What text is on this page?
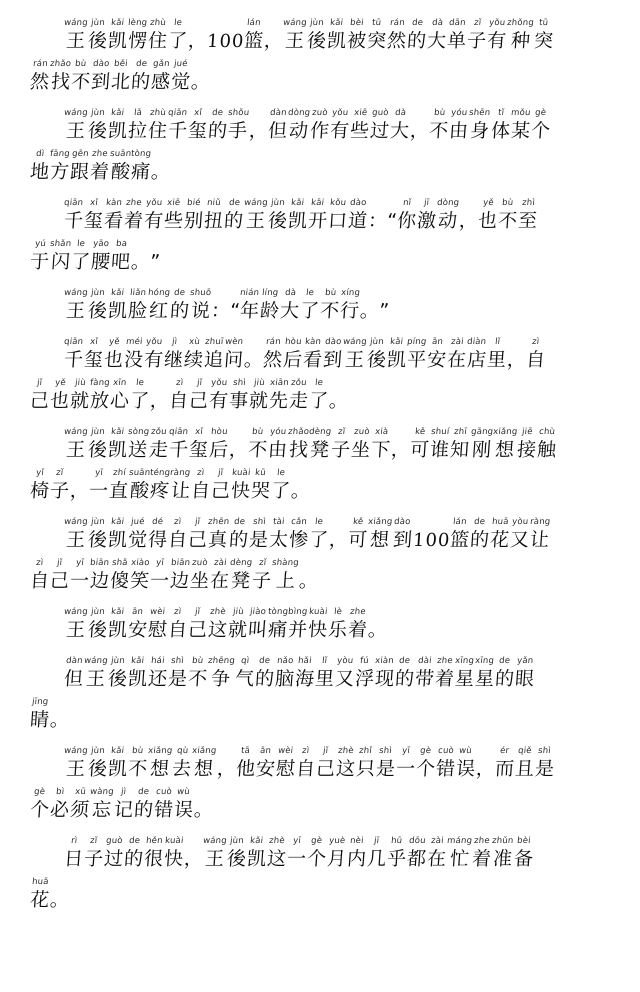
wáng
王
jùn
後
kǎi
凯
lèng
愣
zhù
住
le
了
，
100
lán
篮
，
wáng
王
jùn
後
kǎi
凯
bèi
被
tū
突
rán
然
de
的
dà
大
dān
单
zǐ
子
yǒu
有
zhǒng
种
tū
突
rán
然
zhǎo
找
bù
不
dào
到
běi
北
de
的
gǎn
感
jué
觉
。
wáng
王
jùn
後
kǎi
凯
lā
拉
zhù
住
qiān
千
xǐ
玺
de
的
shǒu
手 ，
dàn
但
dòng
动
zuò
作
yǒu
有
xiē
些
guò
过
dà
大
，
bù
不
yóu
由
shēn
身
tǐ
体
mǒu
某
gè
个
dì
地
fāng
方
gēn
跟
zhe
着
suān
酸
tòng
痛
。
qiān
千
xǐ
玺
kàn
看
zhe
着
yǒu
有
xiē
些
bié
别
niǔ
扭
de
的
wáng
王
jùn
後
kǎi
凯
kāi
开
kǒu
口
dào
道
：
“
nǐ
你
jī
激
dòng
动 ，
yě
也
bù
不
zhì
至
yú
于
shǎn
闪
le
了
yāo
腰
ba
吧
。
”
wáng
王
jùn
後
kǎi
凯
liǎn
脸
hóng
红
de
的
shuō
说 ：
“
nián
年
líng
龄
dà
大
le
了
bù
不
xíng
行
。
”
qiān
千
xǐ
玺
yě
也
méi
没
yǒu
有
jì
继
xù
续
zhuī
追
wèn
问
。
rán
然
hòu
后
kàn
看
dào
到
wáng
王
jùn
後
kǎi
凯
píng
平
ān
安
zài
在
diàn
店
lǐ
里
，
zì
自
jǐ
己
yě
也
jiù
就
fàng
放
xīn
心
le
了
，
zì
自
jǐ
己
yǒu
有
shì
事
jiù
就
xiān
先
zǒu
走
le
了
。
wáng
王
jùn
後
kǎi
凯
sòng
送
zǒu
走
qiān
千
xǐ
玺
hòu
后
，
bù
不
yóu
由
zhǎo
找
dèng
凳
zǐ
子
zuò
坐
xià
下
，
kě
可
shuí
谁
zhī
知
gāng
刚
xiǎng
想
jiē
接
chù
触
yǐ
椅
zǐ
子
，
yī
一
zhí
直
suān
酸
téng
疼
ràng
让
zì
自
jǐ
己
kuài
快
kū
哭
le
了
。
wáng
王
jùn
後
kǎi
凯
jué
觉
dé
得
zì
自
jǐ
己
zhēn
真
de
的
shì
是
tài
太
cǎn
惨
le
了
，
kě
可
xiǎng
想
dào
到
100
lán
篮
de
的
huā
花
yòu
又
ràng
让
zì
自
jǐ
己
yī
一
biān
边
shǎ
傻
xiào
笑
yī
一
biān
边
zuò
坐
zài
在
dèng
凳
zǐ
子
shàng
上 。
wáng
王
jùn
後
kǎi
凯
ān
安
wèi
慰
zì
自
jǐ
己
zhè
这
jiù
就
jiào
叫
tòng
痛
bìng
并
kuài
快
lè
乐
zhe
着
。
dàn
但
wáng
王
jùn
後
kǎi
凯
hái
还
shì
是
bù
不
zhēng
争
qì
气
de
的
nǎo
脑
hǎi
海
lǐ
里
yòu
又
fú
浮
xiàn
现
de
的
dài
带
zhe
着
xīng
星
xīng
星
de
的
yǎn
眼
jīng
睛
。
wáng
王
jùn
後
kǎi
凯
bù
不
xiǎng
想
qù
去
xiǎng
想 ，
tā
他
ān
安
wèi
慰
zì
自
jǐ
己
zhè
这
zhǐ
只
shì
是
yī
一
gè
个
cuò
错
wù
误
，
ér
而
qiě
且
shì
是
gè
个
bì
必
xū
须
wàng
忘
jì
记
de
的
cuò
错
wù
误
。
rì
日
zǐ
子
guò
过
de
的
hěn
很
kuài
快
，
wáng
王
jùn
後
kǎi
凯
zhè
这
yī
一
gè
个
yuè
月
nèi
内
jī
几
hū
乎
dōu
都
zài
在
máng
忙
zhe
着
zhǔn
准
bèi
备
huā
花
。
